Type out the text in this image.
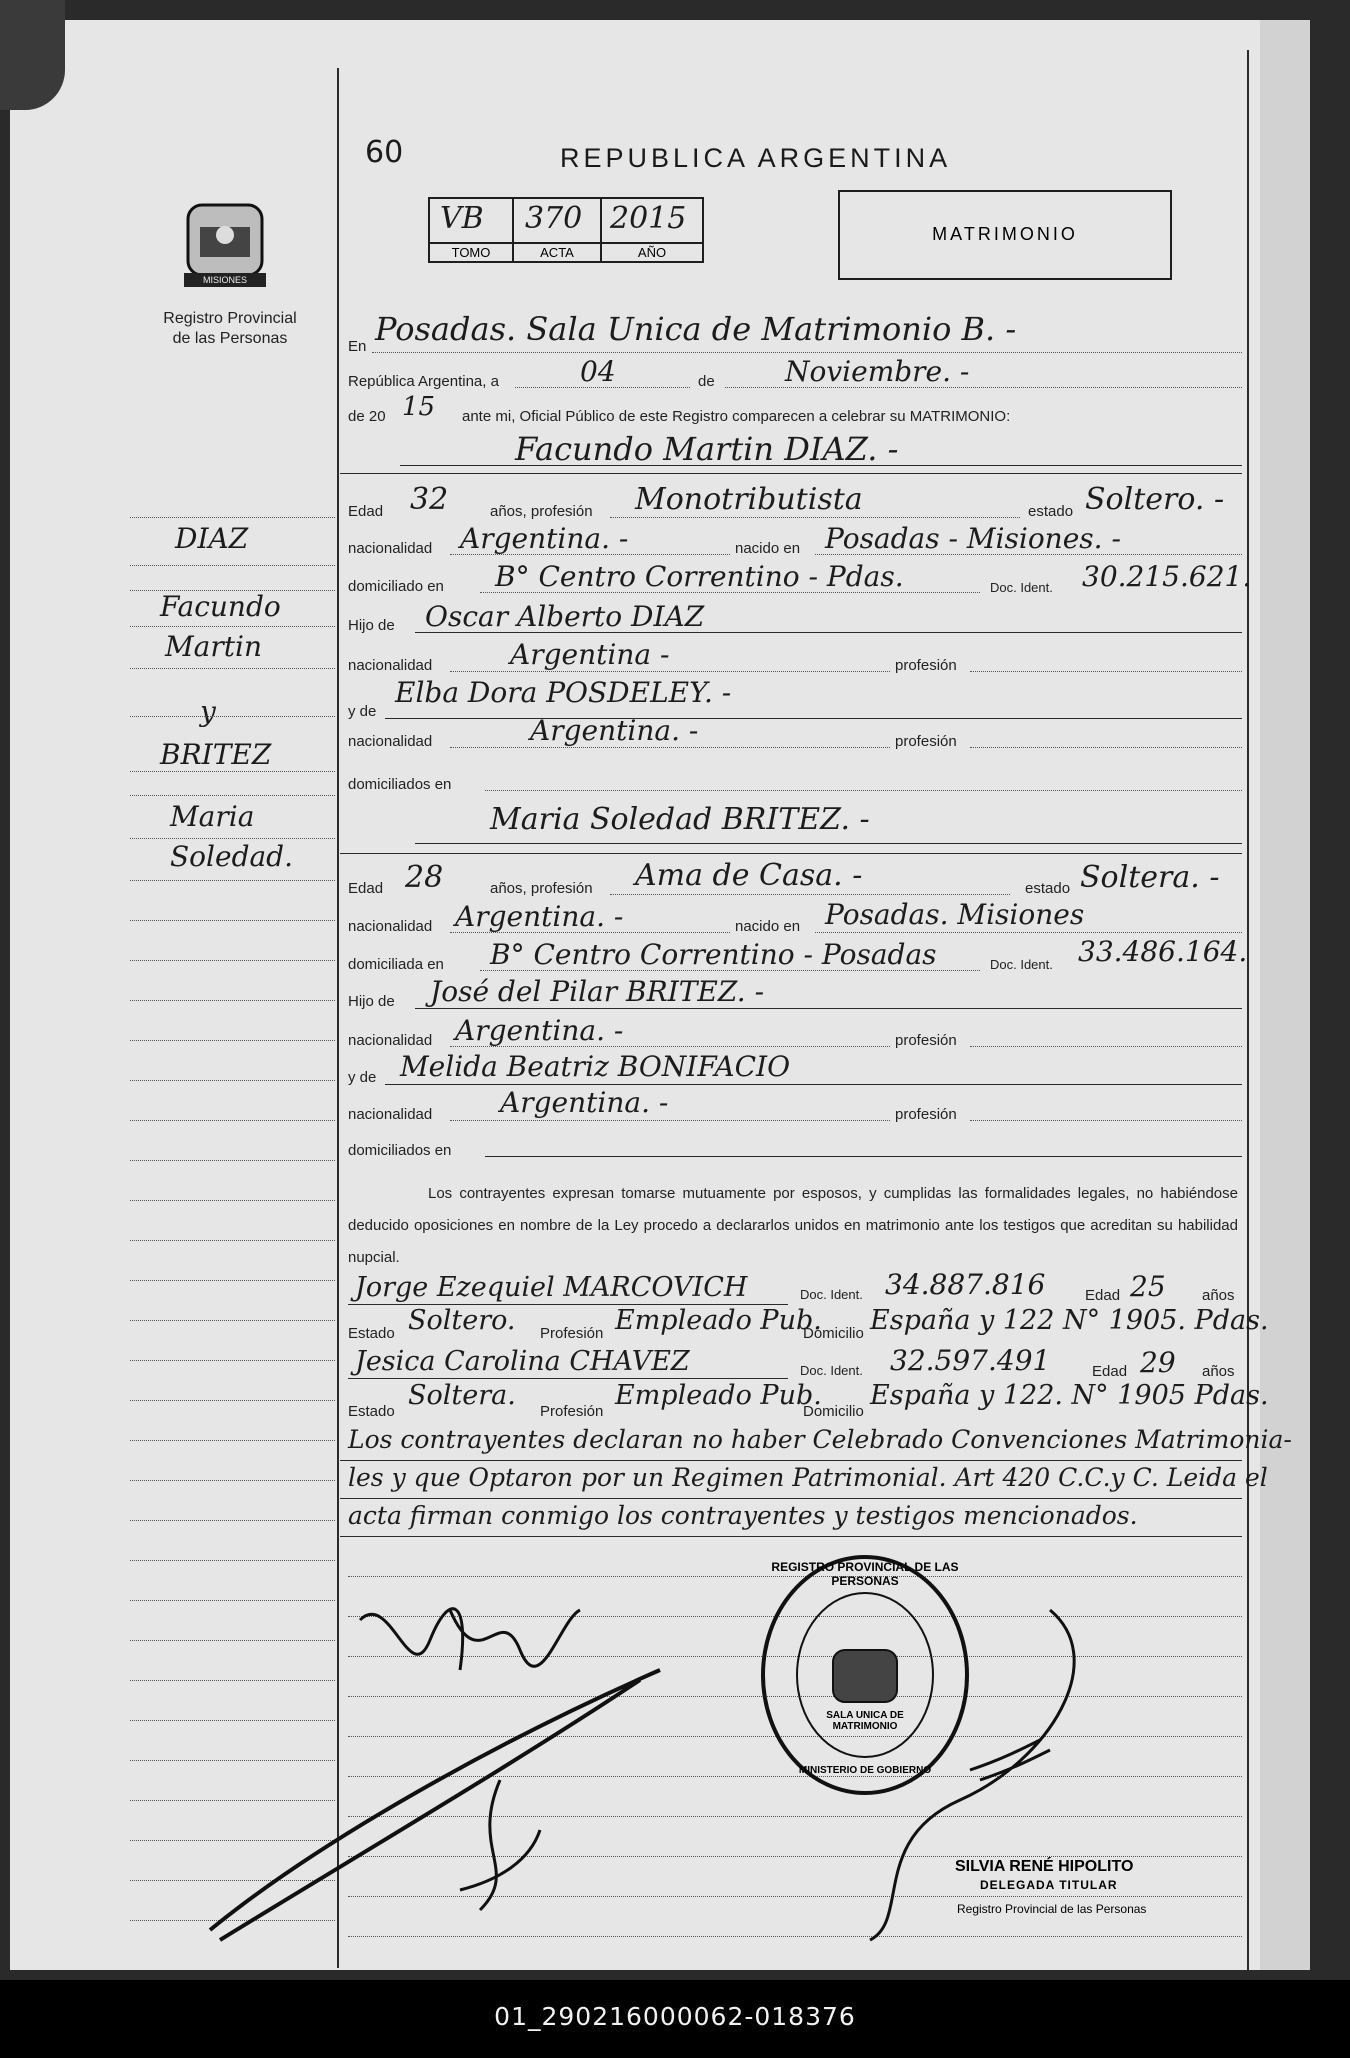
MISIONES
Registro Provincial
de las Personas
60	REPUBLICA ARGENTINA
VB 370 2015
TOMO	ACTA	AÑO
MATRIMONIO
DIAZ
Facundo
Martin
y
BRITEZ
Maria
Soledad.
En Posadas. Sala Unica de Matrimonio B. -
República Argentina, a	04	de	Noviembre. -
de 20 15 ante mi, Oficial Público de este Registro comparecen a celebrar su MATRIMONIO:
Facundo Martin DIAZ. -
Edad 32	años, profesión Monotributista	estado Soltero. -
nacionalidad Argentina. -	nacido en Posadas - Misiones. -
domiciliado en B° Centro Correntino - Pdas.	Doc. Ident. 30.215.621.
Hijo de Oscar Alberto DIAZ
nacionalidad	Argentina -	profesión
y de
Elba Dora POSDELEY. -
nacionalidad	Argentina. -	profesión
domiciliados en
Maria Soledad BRITEZ. -
Edad 28	años, profesión Ama de Casa. -	estado Soltera. -
nacionalidad Argentina. -	nacido en Posadas. Misiones
domiciliada en B° Centro Correntino - Posadas	Doc. Ident. 33.486.164.
Hijo de José del Pilar BRITEZ. -
nacionalidad Argentina. -	profesión
y de Melida Beatriz BONIFACIO
nacionalidad Argentina. -	profesión
domiciliados en
Los contrayentes expresan tomarse mutuamente por esposos, y cumplidas las formalidades legales, no habiéndose deducido oposiciones en nombre de la Ley procedo a declararlos unidos en matrimonio ante los testigos que acreditan su habilidad nupcial.
Jorge Ezequiel MARCOVICH	Doc. Ident. 34.887.816	Edad 25 años
Estado Soltero. Profesión Empleado Pub.
Domicilio España y 122 N° 1905. Pdas.
Jesica Carolina CHAVEZ	Doc. Ident. 32.597.491	Edad 29 años
Estado
Soltera.
Profesión
Empleado Pub.
Domicilio
España y 122. N° 1905 Pdas.
Los contrayentes declaran no haber Celebrado Convenciones Matrimonia-
les y que Optaron por un Regimen Patrimonial. Art 420 C.C.y C. Leida el
acta firman conmigo los contrayentes y testigos mencionados.
REGISTRO PROVINCIAL DE LAS PERSONAS
SALA UNICA DE MATRIMONIO
MINISTERIO DE GOBIERNO
SILVIA RENÉ HIPOLITO
DELEGADA TITULAR
Registro Provincial de las Personas
01_290216000062-018376
